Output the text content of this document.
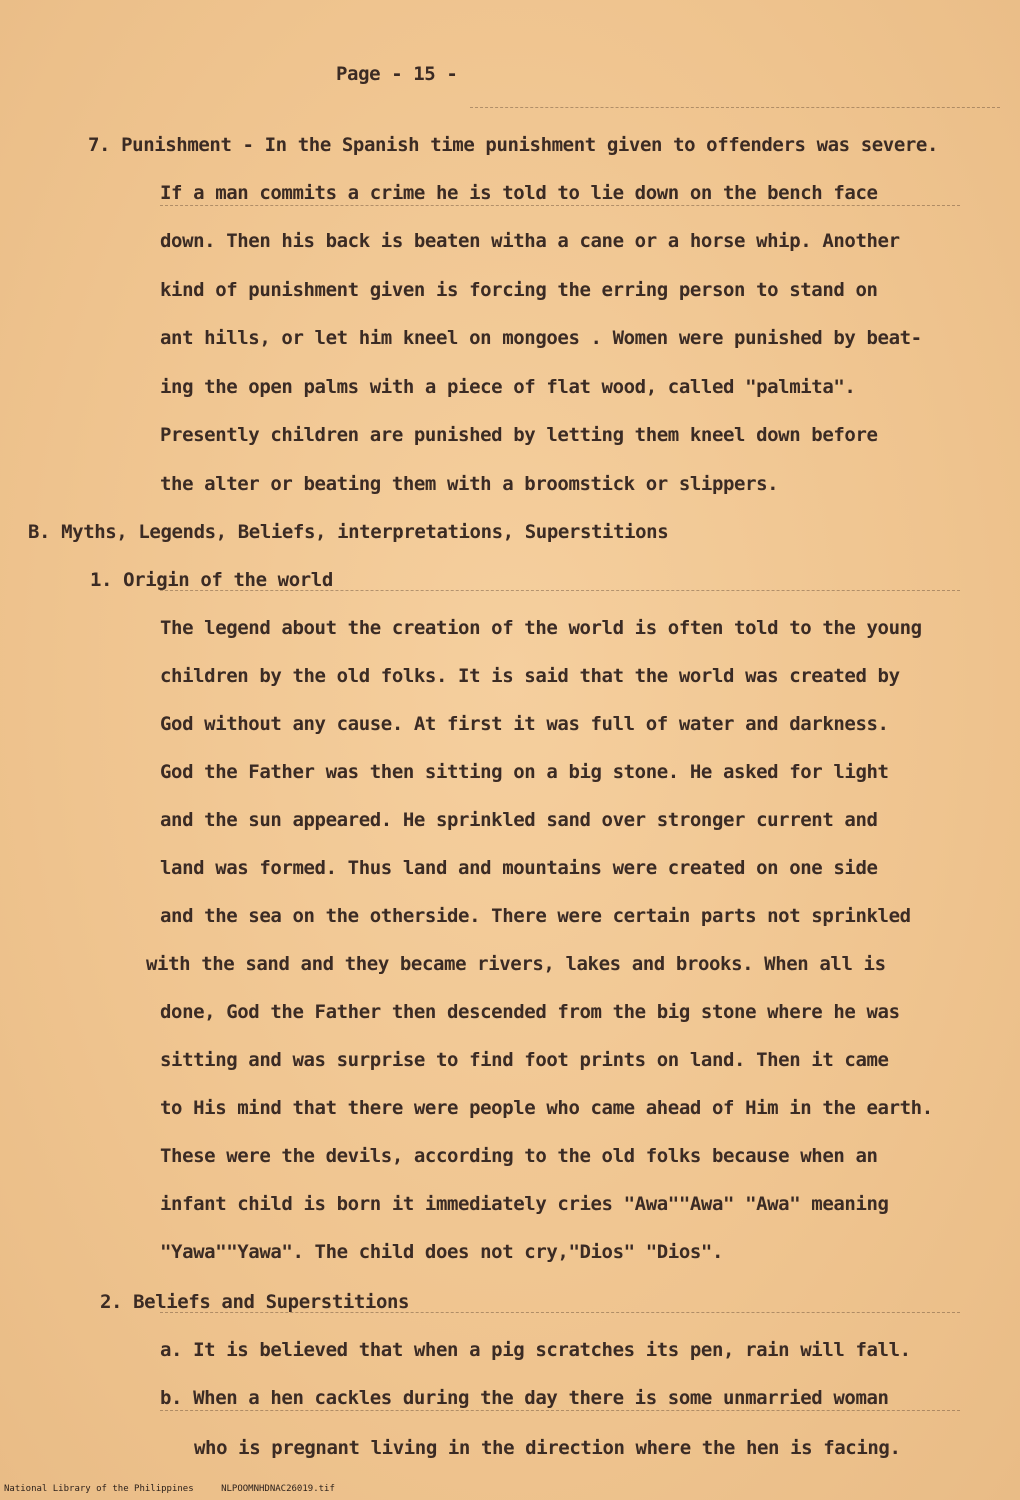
Page - 15 -
7. Punishment - In the Spanish time punishment given to offenders was severe.
If a man commits a crime he is told to lie down on the bench face
down. Then his back is beaten witha a cane or a horse whip. Another
kind of punishment given is forcing the erring person to stand on
ant hills, or let him kneel on mongoes . Women were punished by beat-
ing the open palms with a piece of flat wood, called "palmita".
Presently children are punished by letting them kneel down before
the alter or beating them with a broomstick or slippers.
B. Myths, Legends, Beliefs, interpretations, Superstitions
1. Origin of the world
The legend about the creation of the world is often told to the young
children by the old folks. It is said that the world was created by
God without any cause. At first it was full of water and darkness.
God the Father was then sitting on a big stone. He asked for light
and the sun appeared. He sprinkled sand over stronger current and
land was formed. Thus land and mountains were created on one side
and the sea on the otherside. There were certain parts not sprinkled
with the sand and they became rivers, lakes and brooks. When all is
done, God the Father then descended from the big stone where he was
sitting and was surprise to find foot prints on land. Then it came
to His mind that there were people who came ahead of Him in the earth.
These were the devils, according to the old folks because when an
infant child is born it immediately cries "Awa""Awa" "Awa" meaning
"Yawa""Yawa". The child does not cry,"Dios" "Dios".
2. Beliefs and Superstitions
a. It is believed that when a pig scratches its pen, rain will fall.
b. When a hen cackles during the day there is some unmarried woman
who is pregnant living in the direction where the hen is facing.
National Library of the Philippines	NLPOOMNHDNAC26019.tif
